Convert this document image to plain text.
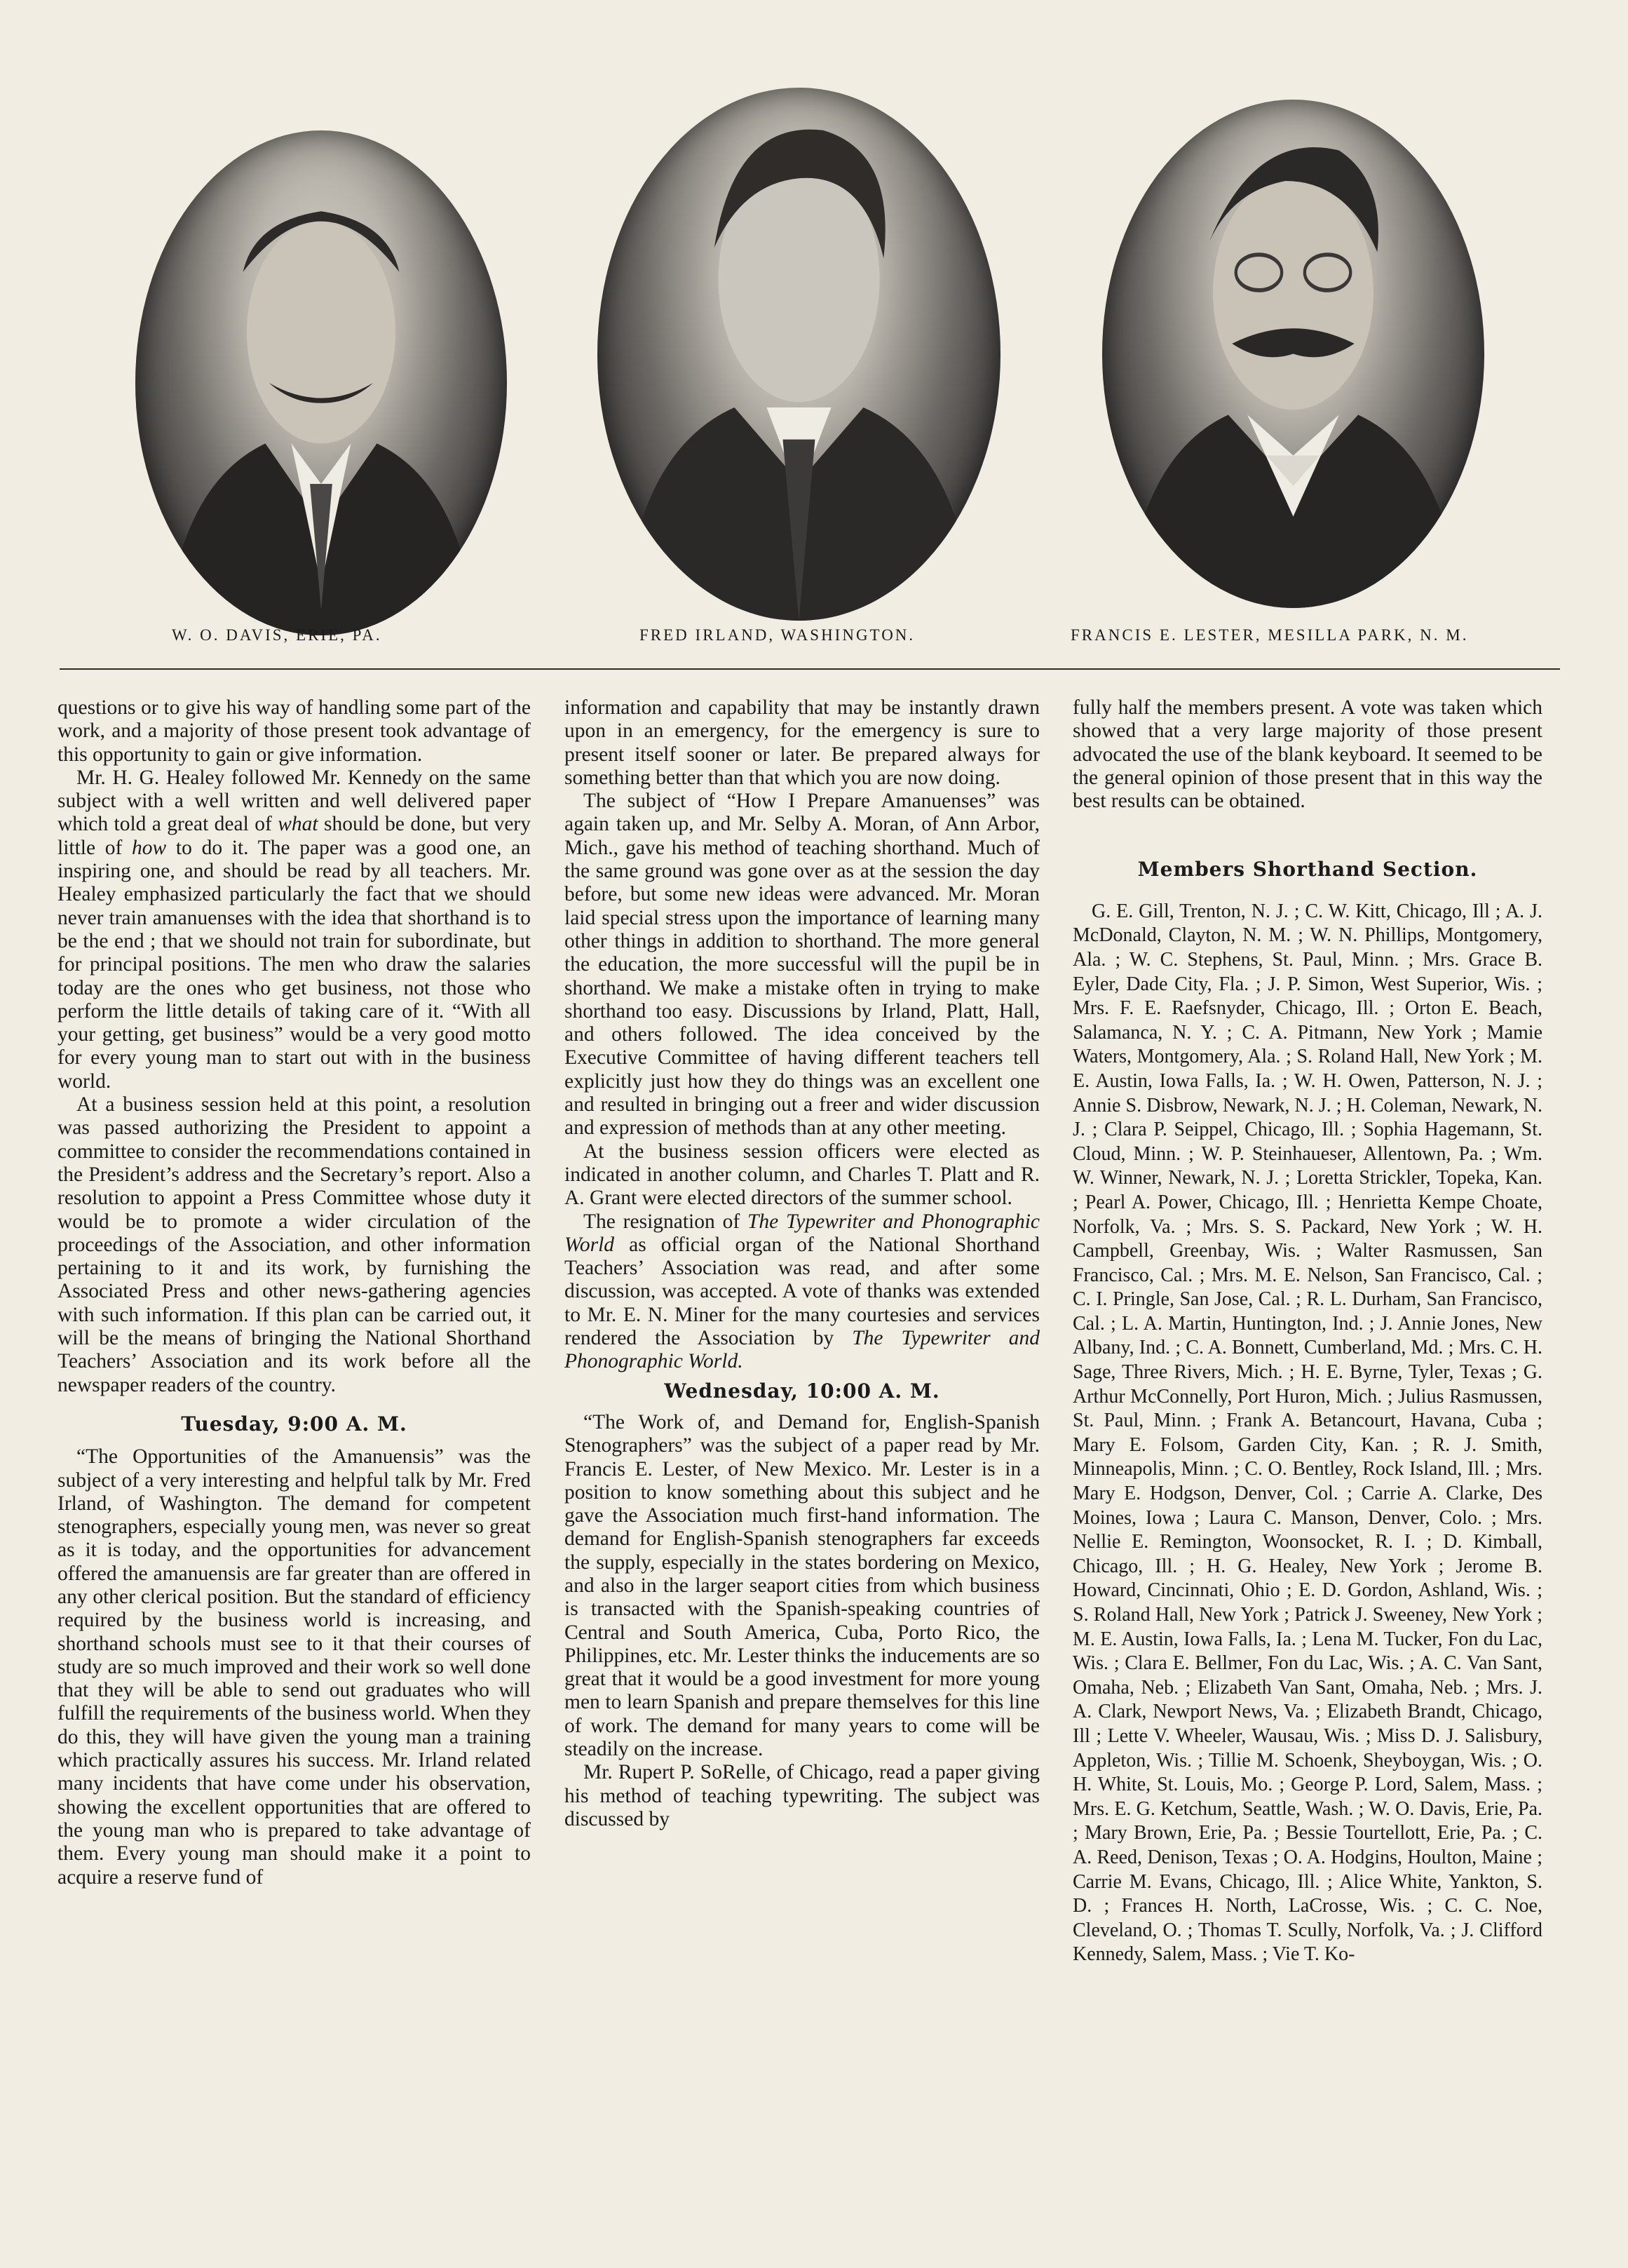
W. O. DAVIS, ERIE, PA.	FRED IRLAND, WASHINGTON.	FRANCIS E. LESTER, MESILLA PARK, N. M.

questions or to give his way of handling some part of the work, and a majority of those present took advantage of this opportunity to gain or give information.

Mr. H. G. Healey followed Mr. Kennedy on the same subject with a well written and well delivered paper which told a great deal of what should be done, but very little of how to do it. The paper was a good one, an inspiring one, and should be read by all teachers. Mr. Healey emphasized particularly the fact that we should never train amanuenses with the idea that shorthand is to be the end ; that we should not train for subordinate, but for principal positions. The men who draw the salaries today are the ones who get business, not those who perform the little details of taking care of it. “With all your getting, get business” would be a very good motto for every young man to start out with in the business world.

At a business session held at this point, a resolution was passed authorizing the President to appoint a committee to consider the recommendations contained in the President’s address and the Secretary’s report. Also a resolution to appoint a Press Committee whose duty it would be to promote a wider circulation of the proceedings of the Association, and other information pertaining to it and its work, by furnishing the Associated Press and other news-gathering agencies with such information. If this plan can be carried out, it will be the means of bringing the National Shorthand Teachers’ Association and its work before all the newspaper readers of the country.

Tuesday, 9:00 A. M.

“The Opportunities of the Amanuensis” was the subject of a very interesting and helpful talk by Mr. Fred Irland, of Washington. The demand for competent stenographers, especially young men, was never so great as it is today, and the opportunities for advancement offered the amanuensis are far greater than are offered in any other clerical position. But the standard of efficiency required by the business world is increasing, and shorthand schools must see to it that their courses of study are so much improved and their work so well done that they will be able to send out graduates who will fulfill the requirements of the business world. When they do this, they will have given the young man a training which practically assures his success. Mr. Irland related many incidents that have come under his observation, showing the excellent opportunities that are offered to the young man who is prepared to take advantage of them. Every young man should make it a point to acquire a reserve fund of

information and capability that may be instantly drawn upon in an emergency, for the emergency is sure to present itself sooner or later. Be prepared always for something better than that which you are now doing.

The subject of “How I Prepare Amanuenses” was again taken up, and Mr. Selby A. Moran, of Ann Arbor, Mich., gave his method of teaching shorthand. Much of the same ground was gone over as at the session the day before, but some new ideas were advanced. Mr. Moran laid special stress upon the importance of learning many other things in addition to shorthand. The more general the education, the more successful will the pupil be in shorthand. We make a mistake often in trying to make shorthand too easy. Discussions by Irland, Platt, Hall, and others followed. The idea conceived by the Executive Committee of having different teachers tell explicitly just how they do things was an excellent one and resulted in bringing out a freer and wider discussion and expression of methods than at any other meeting.

At the business session officers were elected as indicated in another column, and Charles T. Platt and R. A. Grant were elected directors of the summer school.

The resignation of The Typewriter and Phonographic World as official organ of the National Shorthand Teachers’ Association was read, and after some discussion, was accepted. A vote of thanks was extended to Mr. E. N. Miner for the many courtesies and services rendered the Association by The Typewriter and Phonographic World.

Wednesday, 10:00 A. M.

“The Work of, and Demand for, English-Spanish Stenographers” was the subject of a paper read by Mr. Francis E. Lester, of New Mexico. Mr. Lester is in a position to know something about this subject and he gave the Association much first-hand information. The demand for English-Spanish stenographers far exceeds the supply, especially in the states bordering on Mexico, and also in the larger seaport cities from which business is transacted with the Spanish-speaking countries of Central and South America, Cuba, Porto Rico, the Philippines, etc. Mr. Lester thinks the inducements are so great that it would be a good investment for more young men to learn Spanish and prepare themselves for this line of work. The demand for many years to come will be steadily on the increase.

Mr. Rupert P. SoRelle, of Chicago, read a paper giving his method of teaching typewriting. The subject was discussed by

fully half the members present. A vote was taken which showed that a very large majority of those present advocated the use of the blank keyboard. It seemed to be the general opinion of those present that in this way the best results can be obtained.

Members Shorthand Section.

G. E. Gill, Trenton, N. J. ; C. W. Kitt, Chicago, Ill ; A. J. McDonald, Clayton, N. M. ; W. N. Phillips, Montgomery, Ala. ; W. C. Stephens, St. Paul, Minn. ; Mrs. Grace B. Eyler, Dade City, Fla. ; J. P. Simon, West Superior, Wis. ; Mrs. F. E. Raefsnyder, Chicago, Ill. ; Orton E. Beach, Salamanca, N. Y. ; C. A. Pitmann, New York ; Mamie Waters, Montgomery, Ala. ; S. Roland Hall, New York ; M. E. Austin, Iowa Falls, Ia. ; W. H. Owen, Patterson, N. J. ; Annie S. Disbrow, Newark, N. J. ; H. Coleman, Newark, N. J. ; Clara P. Seippel, Chicago, Ill. ; Sophia Hagemann, St. Cloud, Minn. ; W. P. Steinhaueser, Allentown, Pa. ; Wm. W. Winner, Newark, N. J. ; Loretta Strickler, Topeka, Kan. ; Pearl A. Power, Chicago, Ill. ; Henrietta Kempe Choate, Norfolk, Va. ; Mrs. S. S. Packard, New York ; W. H. Campbell, Greenbay, Wis. ; Walter Rasmussen, San Francisco, Cal. ; Mrs. M. E. Nelson, San Francisco, Cal. ; C. I. Pringle, San Jose, Cal. ; R. L. Durham, San Francisco, Cal. ; L. A. Martin, Huntington, Ind. ; J. Annie Jones, New Albany, Ind. ; C. A. Bonnett, Cumberland, Md. ; Mrs. C. H. Sage, Three Rivers, Mich. ; H. E. Byrne, Tyler, Texas ; G. Arthur McConnelly, Port Huron, Mich. ; Julius Rasmussen, St. Paul, Minn. ; Frank A. Betancourt, Havana, Cuba ; Mary E. Folsom, Garden City, Kan. ; R. J. Smith, Minneapolis, Minn. ; C. O. Bentley, Rock Island, Ill. ; Mrs. Mary E. Hodgson, Denver, Col. ; Carrie A. Clarke, Des Moines, Iowa ; Laura C. Manson, Denver, Colo. ; Mrs. Nellie E. Remington, Woonsocket, R. I. ; D. Kimball, Chicago, Ill. ; H. G. Healey, New York ; Jerome B. Howard, Cincinnati, Ohio ; E. D. Gordon, Ashland, Wis. ; S. Roland Hall, New York ; Patrick J. Sweeney, New York ; M. E. Austin, Iowa Falls, Ia. ; Lena M. Tucker, Fon du Lac, Wis. ; Clara E. Bellmer, Fon du Lac, Wis. ; A. C. Van Sant, Omaha, Neb. ; Elizabeth Van Sant, Omaha, Neb. ; Mrs. J. A. Clark, Newport News, Va. ; Elizabeth Brandt, Chicago, Ill ; Lette V. Wheeler, Wausau, Wis. ; Miss D. J. Salisbury, Appleton, Wis. ; Tillie M. Schoenk, Sheyboygan, Wis. ; O. H. White, St. Louis, Mo. ; George P. Lord, Salem, Mass. ; Mrs. E. G. Ketchum, Seattle, Wash. ; W. O. Davis, Erie, Pa. ; Mary Brown, Erie, Pa. ; Bessie Tourtellott, Erie, Pa. ; C. A. Reed, Denison, Texas ; O. A. Hodgins, Houlton, Maine ; Carrie M. Evans, Chicago, Ill. ; Alice White, Yankton, S. D. ; Frances H. North, LaCrosse, Wis. ; C. C. Noe, Cleveland, O. ; Thomas T. Scully, Norfolk, Va. ; J. Clifford Kennedy, Salem, Mass. ; Vie T. Ko-
